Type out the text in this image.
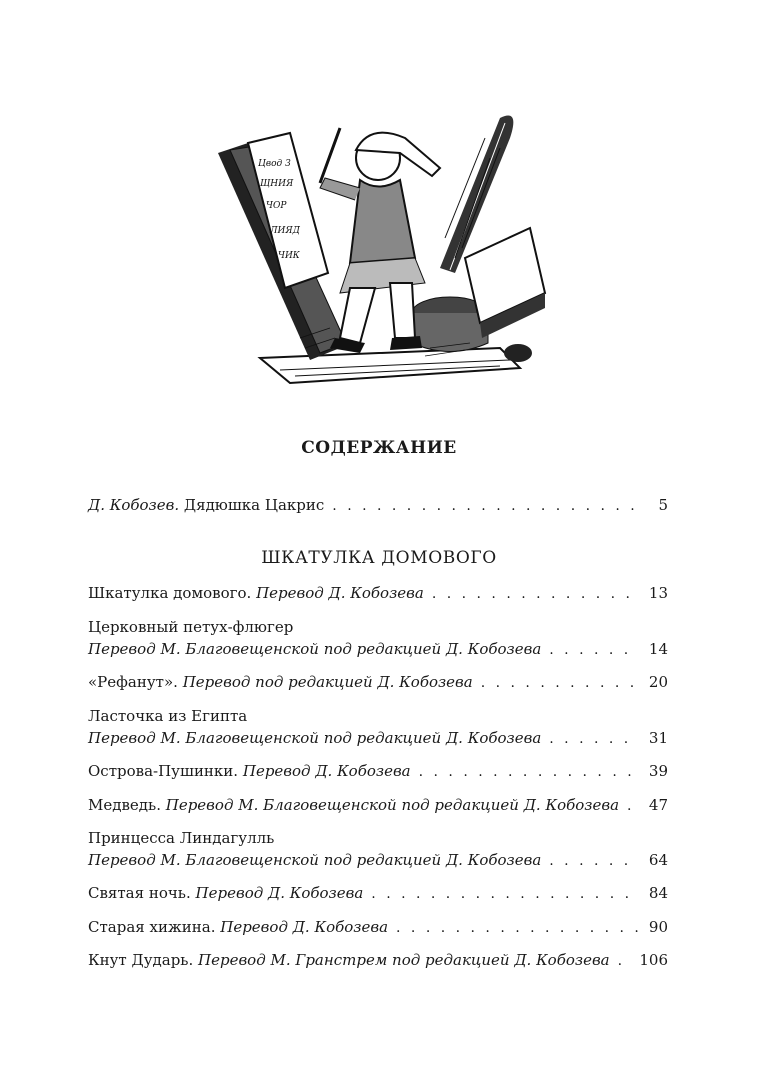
Цвод 3
ЩНИЯ
ЧОР
ЛИЯД
ЧИК
СОДЕРЖАНИЕ
Д. Кобозев. Дядюшка Цакрис . . .	5
ШКАТУЛКА ДОМОВОГО
Шкатулка домового. Перевод Д. Кобозева . . .	13
Церковный петух-флюгер
Перевод М. Благовещенской под редакцией Д. Кобозева . . .	14
«Рефанут». Перевод под редакцией Д. Кобозева . . .	20
Ласточка из Египта
Перевод М. Благовещенской под редакцией Д. Кобозева . . .	31
Острова-Пушинки. Перевод Д. Кобозева . . .	39
Медведь. Перевод М. Благовещенской под редакцией Д. Кобозева . . . 47
Принцесса Линдагулль
Перевод М. Благовещенской под редакцией Д. Кобозева . . .	64
Святая ночь. Перевод Д. Кобозева . . .	84
Старая хижина. Перевод Д. Кобозева . . .	90
Кнут Дударь. Перевод М. Гранстрем под редакцией Д. Кобозева . . . 106
